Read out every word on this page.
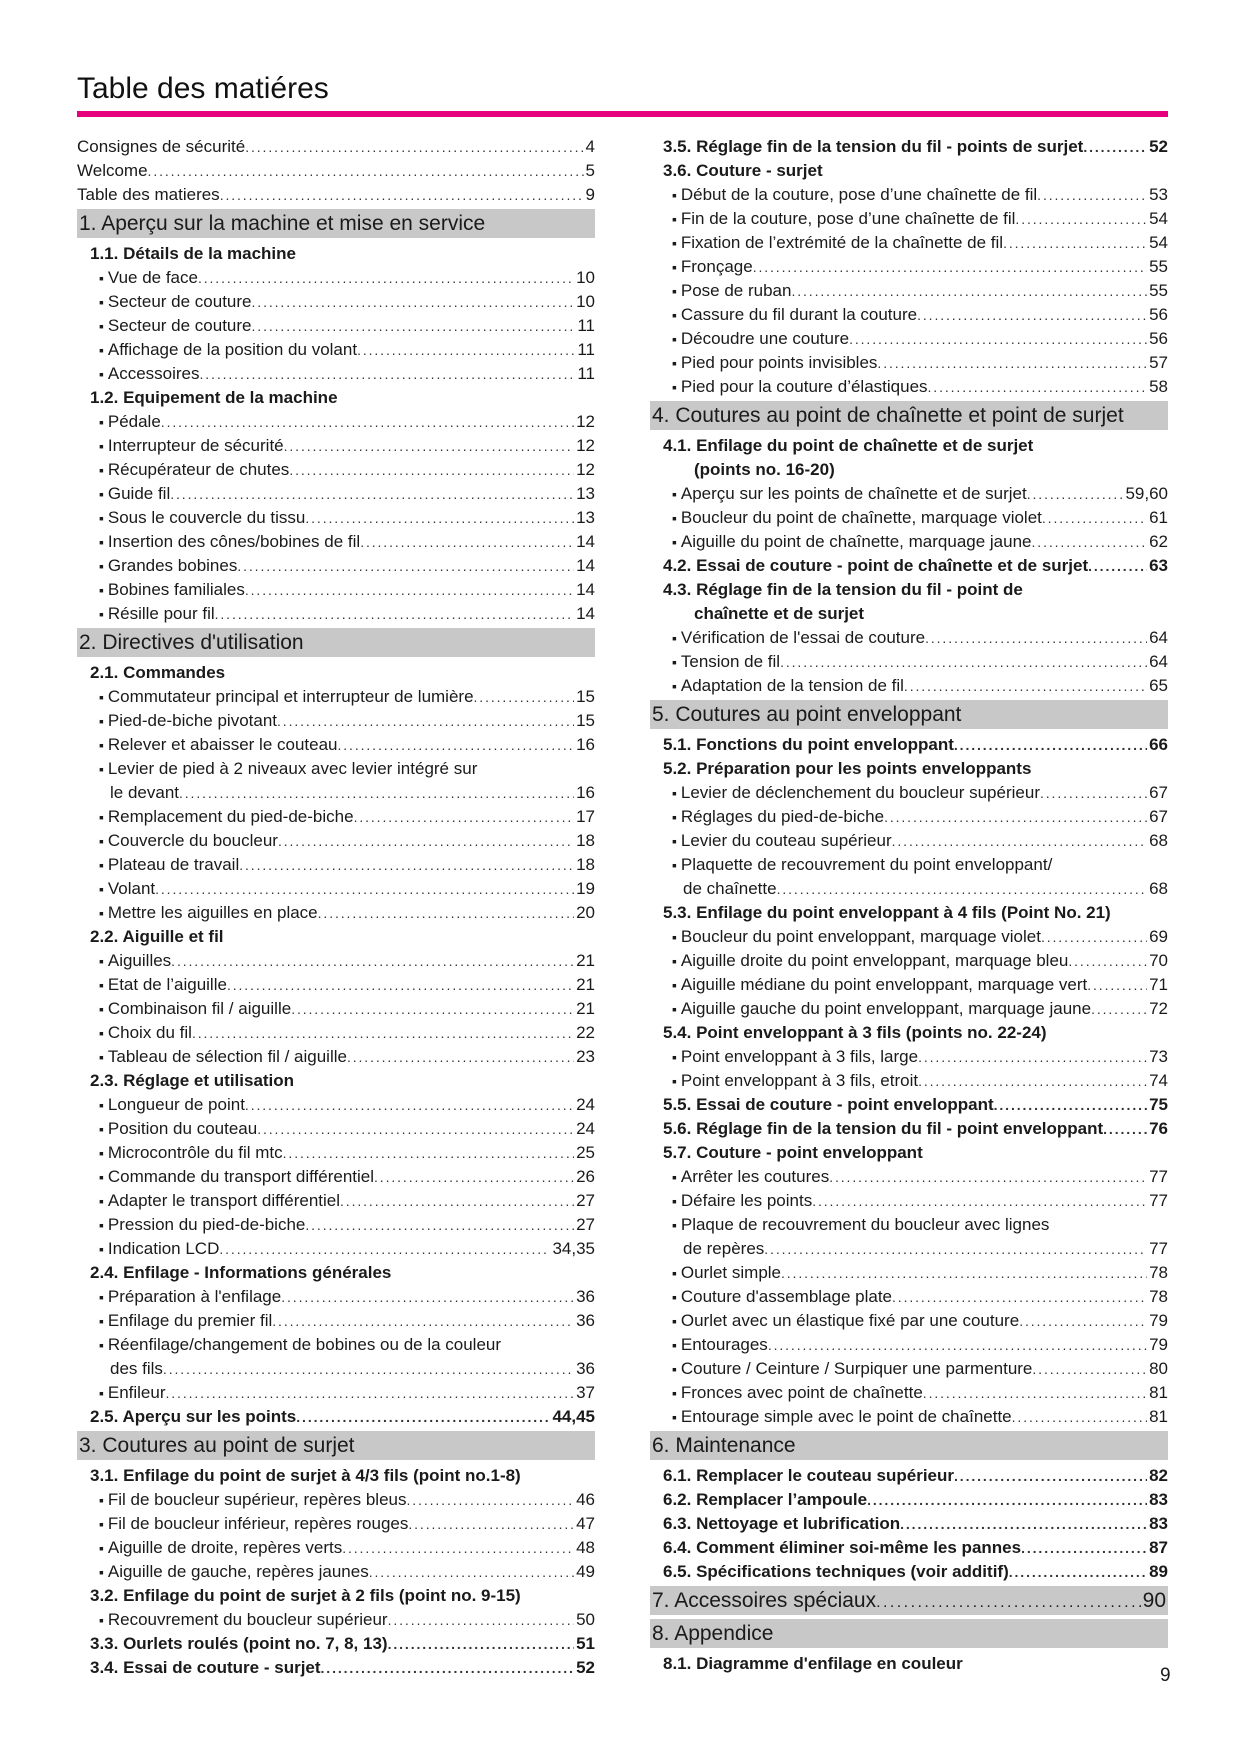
Table des matiéres
Consignes de sécurité . . .	4
Welcome . . .	5
Table des matieres . . .	9
1. Aperçu sur la machine et mise en service
1.1. Détails de la machine
▪ Vue de face . . .	10
▪ Secteur de couture . . .	10
▪ Secteur de couture . . .	11
▪ Affichage de la position du volant . . .	11
▪ Accessoires . . .	11
1.2. Equipement de la machine
▪ Pédale . . .	12
▪ Interrupteur de sécurité . . .	12
▪ Récupérateur de chutes . . .	12
▪ Guide fil . . .	13
▪ Sous le couvercle du tissu . . .	13
▪ Insertion des cônes/bobines de fil . . .	14
▪ Grandes bobines . . .	14
▪ Bobines familiales . . .	14
▪ Résille pour fil . . .	14
2. Directives d'utilisation
2.1. Commandes
▪ Commutateur principal et interrupteur de lumière . . .	15
▪ Pied-de-biche pivotant . . .	15
▪ Relever et abaisser le couteau . . .	16
▪ Levier de pied à 2 niveaux avec levier intégré sur
le devant . . .	16
▪ Remplacement du pied-de-biche . . .	17
▪ Couvercle du boucleur . . .	18
▪ Plateau de travail . . .	18
▪ Volant . . .	19
▪ Mettre les aiguilles en place . . .	20
2.2. Aiguille et fil
▪ Aiguilles . . .	21
▪ Etat de l’aiguille . . .	21
▪ Combinaison fil / aiguille . . .	21
▪ Choix du fil . . .	22
▪ Tableau de sélection fil / aiguille . . .	23
2.3. Réglage et utilisation
▪ Longueur de point . . .	24
▪ Position du couteau . . .	24
▪ Microcontrôle du fil mtc . . .	25
▪ Commande du transport différentiel . . .	26
▪ Adapter le transport différentiel . . .	27
▪ Pression du pied-de-biche . . .	27
▪ Indication LCD . . .	34,35
2.4. Enfilage - Informations générales
▪ Préparation à l'enfilage . . .	36
▪ Enfilage du premier fil . . .	36
▪ Réenfilage/changement de bobines ou de la couleur
des fils . . .	36
▪ Enfileur . . .	37
2.5. Aperçu sur les points . . .	44,45
3. Coutures au point de surjet
3.1. Enfilage du point de surjet à 4/3 fils (point no.1-8)
▪ Fil de boucleur supérieur, repères bleus . . .	46
▪ Fil de boucleur inférieur, repères rouges . . .	47
▪ Aiguille de droite, repères verts . . .	48
▪ Aiguille de gauche, repères jaunes . . .	49
3.2. Enfilage du point de surjet à 2 fils (point no. 9-15)
▪ Recouvrement du boucleur supérieur . . .	50
3.3. Ourlets roulés (point no. 7, 8, 13) . . .	51
3.4. Essai de couture - surjet . . .	52
3.5. Réglage fin de la tension du fil - points de surjet . . .	52
3.6. Couture - surjet
▪ Début de la couture, pose d’une chaînette de fil . . .	53
▪ Fin de la couture, pose d’une chaînette de fil . . .	54
▪ Fixation de l’extrémité de la chaînette de fil . . .	54
▪ Fronçage . . .	55
▪ Pose de ruban . . .	55
▪ Cassure du fil durant la couture . . .	56
▪ Découdre une couture . . .	56
▪ Pied pour points invisibles . . .	57
▪ Pied pour la couture d’élastiques . . .	58
4. Coutures au point de chaînette et point de surjet
4.1. Enfilage du point de chaînette et de surjet
(points no. 16-20)
▪ Aperçu sur les points de chaînette et de surjet . . .	59,60
▪ Boucleur du point de chaînette, marquage violet . . .	61
▪ Aiguille du point de chaînette, marquage jaune . . .	62
4.2. Essai de couture - point de chaînette et de surjet . . .	63
4.3. Réglage fin de la tension du fil - point de
chaînette et de surjet
▪ Vérification de l'essai de couture . . .	64
▪ Tension de fil . . .	64
▪ Adaptation de la tension de fil . . .	65
5. Coutures au point enveloppant
5.1. Fonctions du point enveloppant . . .	66
5.2. Préparation pour les points enveloppants
▪ Levier de déclenchement du boucleur supérieur . . .	67
▪ Réglages du pied-de-biche . . .	67
▪ Levier du couteau supérieur . . .	68
▪ Plaquette de recouvrement du point enveloppant/
de chaînette . . .	68
5.3. Enfilage du point enveloppant à 4 fils (Point No. 21)
▪ Boucleur du point enveloppant, marquage violet . . .	69
▪ Aiguille droite du point enveloppant, marquage bleu . . .	70
▪ Aiguille médiane du point enveloppant, marquage vert . . .	71
▪ Aiguille gauche du point enveloppant, marquage jaune . . .	72
5.4. Point enveloppant à 3 fils (points no. 22-24)
▪ Point enveloppant à 3 fils, large . . .	73
▪ Point enveloppant à 3 fils, etroit . . .	74
5.5. Essai de couture - point enveloppant . . .	75
5.6. Réglage fin de la tension du fil - point enveloppant . . .	76
5.7. Couture - point enveloppant
▪ Arrêter les coutures . . .	77
▪ Défaire les points . . .	77
▪ Plaque de recouvrement du boucleur avec lignes
de repères . . .	77
▪ Ourlet simple . . .	78
▪ Couture d'assemblage plate . . .	78
▪ Ourlet avec un élastique fixé par une couture . . .	79
▪ Entourages . . .	79
▪ Couture / Ceinture / Surpiquer une parmenture . . .	80
▪ Fronces avec point de chaînette . . .	81
▪ Entourage simple avec le point de chaînette . . .	81
6. Maintenance
6.1. Remplacer le couteau supérieur . . .	82
6.2. Remplacer l’ampoule . . .	83
6.3. Nettoyage et lubrification . . .	83
6.4. Comment éliminer soi-même les pannes . . .	87
6.5. Spécifications techniques (voir additif) . . .	89
7. Accessoires spéciaux . . .	90
8. Appendice
8.1. Diagramme d'enfilage en couleur
9
